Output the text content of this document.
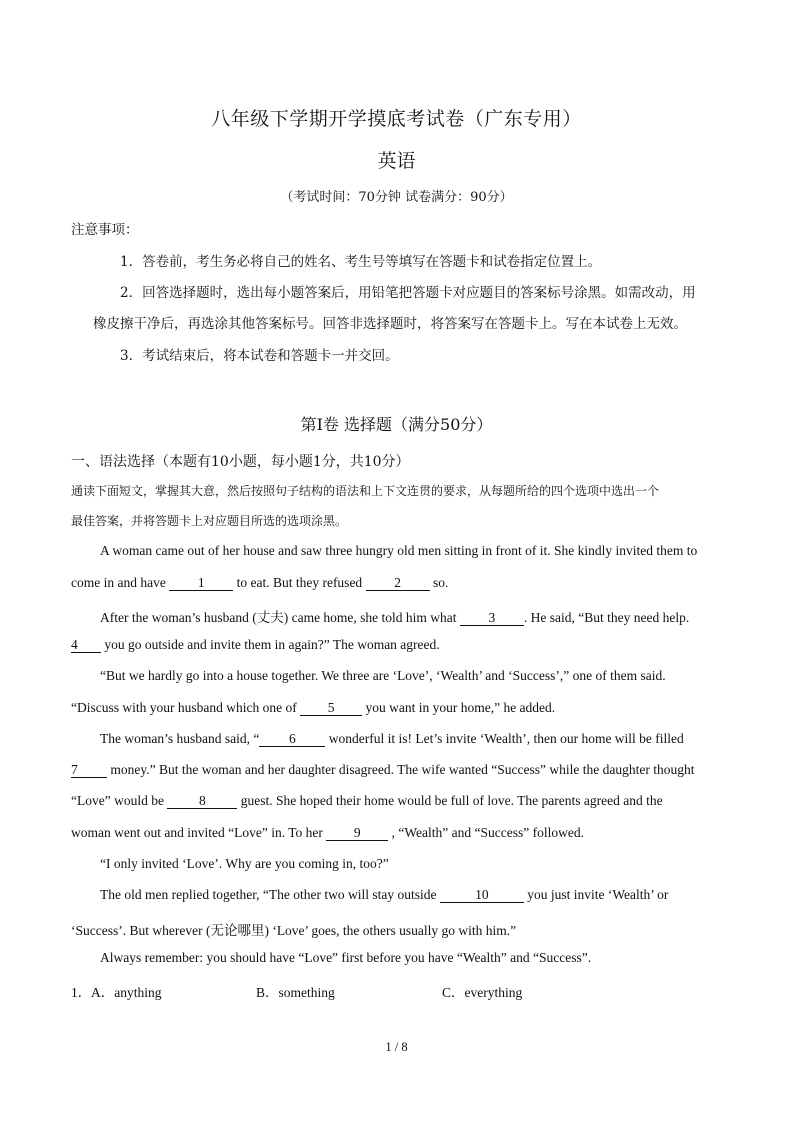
八年级下学期开学摸底考试卷（广东专用）
英语
（考试时间：70分钟 试卷满分：90分）
注意事项：
1．答卷前，考生务必将自己的姓名、考生号等填写在答题卡和试卷指定位置上。
2．回答选择题时，选出每小题答案后，用铅笔把答题卡对应题目的答案标号涂黑。如需改动，用
橡皮擦干净后，再选涂其他答案标号。回答非选择题时，将答案写在答题卡上。写在本试卷上无效。
3．考试结束后，将本试卷和答题卡一并交回。
第Ⅰ卷 选择题（满分50分）
一、语法选择（本题有10小题，每小题1分，共10分）
通读下面短文，掌握其大意，然后按照句子结构的语法和上下文连贯的要求，从每题所给的四个选项中选出一个
最佳答案，并将答题卡上对应题目所选的选项涂黑。
A woman came out of her house and saw three hungry old men sitting in front of it. She kindly invited them to
come in and have 1 to eat. But they refused 2 so.
After the woman’s husband (丈夫) came home, she told him what 3 . He said, “But they need help.
4 you go outside and invite them in again?” The woman agreed.
“But we hardly go into a house together. We three are ‘Love’, ‘Wealth’ and ‘Success’,” one of them said.
“Discuss with your husband which one of 5 you want in your home,” he added.
The woman’s husband said, “ 6 wonderful it is! Let’s invite ‘Wealth’, then our home will be filled
7 money.” But the woman and her daughter disagreed. The wife wanted “Success” while the daughter thought
“Love” would be 8 guest. She hoped their home would be full of love. The parents agreed and the
woman went out and invited “Love” in. To her 9 , “Wealth” and “Success” followed.
“I only invited ‘Love’. Why are you coming in, too?”
The old men replied together, “The other two will stay outside	10	you just invite ‘Wealth’ or
‘Success’. But wherever (无论哪里) ‘Love’ goes, the others usually go with him.”
Always remember: you should have “Love” first before you have “Wealth” and “Success”.
1． A．anything	B．something	C．everything
1 / 8
